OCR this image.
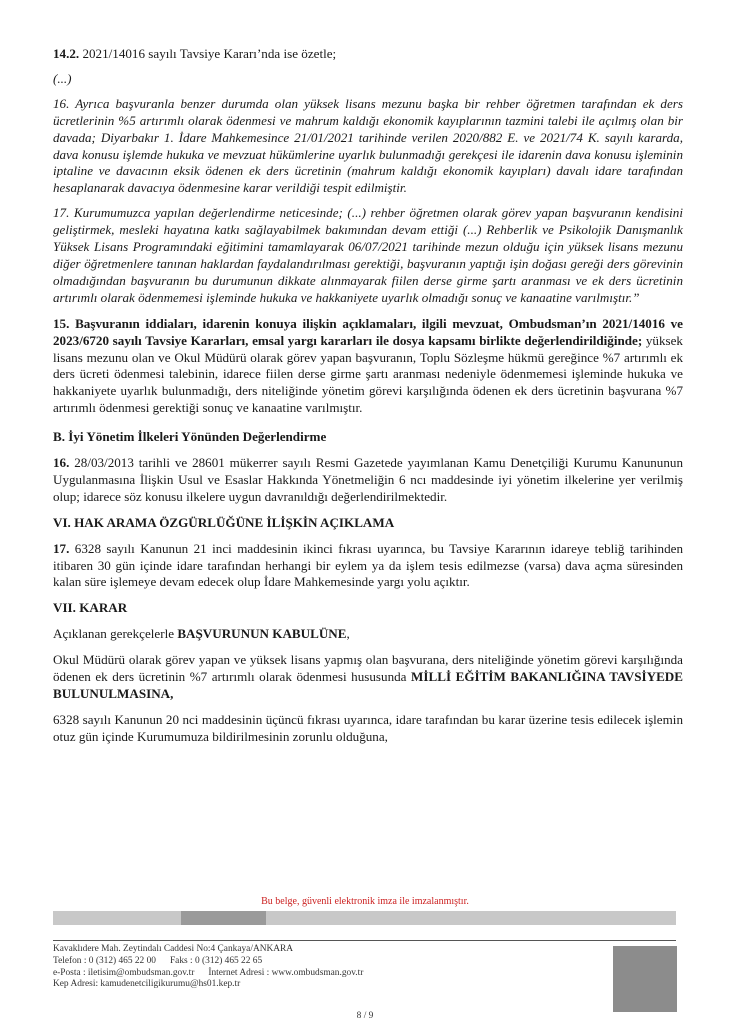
14.2. 2021/14016 sayılı Tavsiye Kararı’nda ise özetle;

(...)

16. Ayrıca başvuranla benzer durumda olan yüksek lisans mezunu başka bir rehber öğretmen tarafından ek ders ücretlerinin %5 artırımlı olarak ödenmesi ve mahrum kaldığı ekonomik kayıplarının tazmini talebi ile açılmış olan bir davada; Diyarbakır 1. İdare Mahkemesince 21/01/2021 tarihinde verilen 2020/882 E. ve 2021/74 K. sayılı kararda, dava konusu işlemde hukuka ve mevzuat hükümlerine uyarlık bulunmadığı gerekçesi ile idarenin dava konusu işleminin iptaline ve davacının eksik ödenen ek ders ücretinin (mahrum kaldığı ekonomik kayıpları) davalı idare tarafından hesaplanarak davacıya ödenmesine karar verildiği tespit edilmiştir.

17. Kurumumuzca yapılan değerlendirme neticesinde; (...) rehber öğretmen olarak görev yapan başvuranın kendisini geliştirmek, mesleki hayatına katkı sağlayabilmek bakımından devam ettiği (...) Rehberlik ve Psikolojik Danışmanlık Yüksek Lisans Programındaki eğitimini tamamlayarak 06/07/2021 tarihinde mezun olduğu için yüksek lisans mezunu diğer öğretmenlere tanınan haklardan faydalandırılması gerektiği, başvuranın yaptığı işin doğası gereği ders görevinin olmadığından başvuranın bu durumunun dikkate alınmayarak fiilen derse girme şartı aranması ve ek ders ücretinin artırımlı olarak ödenmemesi işleminde hukuka ve hakkaniyete uyarlık olmadığı sonuç ve kanaatine varılmıştır.”

15. Başvuranın iddiaları, idarenin konuya ilişkin açıklamaları, ilgili mevzuat, Ombudsman’ın 2021/14016 ve 2023/6720 sayılı Tavsiye Kararları, emsal yargı kararları ile dosya kapsamı birlikte değerlendirildiğinde; yüksek lisans mezunu olan ve Okul Müdürü olarak görev yapan başvuranın, Toplu Sözleşme hükmü gereğince %7 artırımlı ek ders ücreti ödenmesi talebinin, idarece fiilen derse girme şartı aranması nedeniyle ödenmemesi işleminde hukuka ve hakkaniyete uyarlık bulunmadığı, ders niteliğinde yönetim görevi karşılığında ödenen ek ders ücretinin başvurana %7 artırımlı ödenmesi gerektiği sonuç ve kanaatine varılmıştır.

B. İyi Yönetim İlkeleri Yönünden Değerlendirme

16. 28/03/2013 tarihli ve 28601 mükerrer sayılı Resmi Gazetede yayımlanan Kamu Denetçiliği Kurumu Kanununun Uygulanmasına İlişkin Usul ve Esaslar Hakkında Yönetmeliğin 6 ncı maddesinde iyi yönetim ilkelerine yer verilmiş olup; idarece söz konusu ilkelere uygun davranıldığı değerlendirilmektedir.

VI. HAK ARAMA ÖZGÜRLÜĞÜNE İLİŞKİN AÇIKLAMA

17. 6328 sayılı Kanunun 21 inci maddesinin ikinci fıkrası uyarınca, bu Tavsiye Kararının idareye tebliğ tarihinden itibaren 30 gün içinde idare tarafından herhangi bir eylem ya da işlem tesis edilmezse (varsa) dava açma süresinden kalan süre işlemeye devam edecek olup İdare Mahkemesinde yargı yolu açıktır.

VII. KARAR

Açıklanan gerekçelerle BAŞVURUNUN KABULÜNE,

Okul Müdürü olarak görev yapan ve yüksek lisans yapmış olan başvurana, ders niteliğinde yönetim görevi karşılığında ödenen ek ders ücretinin %7 artırımlı olarak ödenmesi hususunda MİLLİ EĞİTİM BAKANLIĞINA TAVSİYEDE BULUNULMASINA,

6328 sayılı Kanunun 20 nci maddesinin üçüncü fıkrası uyarınca, idare tarafından bu karar üzerine tesis edilecek işlemin otuz gün içinde Kurumumuza bildirilmesinin zorunlu olduğuna,

Bu belge, güvenli elektronik imza ile imzalanmıştır.
Kavaklıdere Mah. Zeytindalı Caddesi No:4 Çankaya/ANKARA
Telefon : 0 (312) 465 22 00 Faks : 0 (312) 465 22 65
e-Posta : iletisim@ombudsman.gov.tr İnternet Adresi : www.ombudsman.gov.tr
Kep Adresi: kamudenetciligikurumu@hs01.kep.tr
8 / 9
